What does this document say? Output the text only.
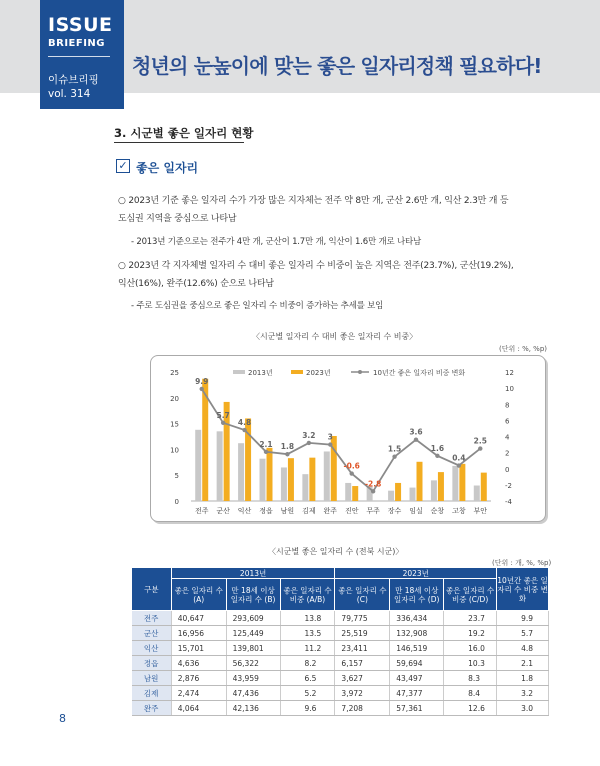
ISSUE
BRIEFING
이슈브리핑
vol. 314
청년의 눈높이에 맞는 좋은 일자리정책 필요하다!
3. 시군별 좋은 일자리 현황
✓ 좋은 일자리
○ 2023년 기준 좋은 일자리 수가 가장 많은 지자체는 전주 약 8만 개, 군산 2.6만 개, 익산 2.3만 개 등
도심권 지역을 중심으로 나타남
- 2013년 기준으로는 전주가 4만 개, 군산이 1.7만 개, 익산이 1.6만 개로 나타남
○ 2023년 각 지자체별 일자리 수 대비 좋은 일자리 수 비중이 높은 지역은 전주(23.7%), 군산(19.2%),
익산(16%), 완주(12.6%) 순으로 나타남
- 주로 도심권을 중심으로 좋은 일자리 수 비중이 증가하는 추세를 보임
〈시군별 일자리 수 대비 좋은 일자리 수 비중〉
(단위 : %, %p)
0
5
10
15
20
25
-4
-2
0
2
4
6
8
10
12
전주 군산 익산 정읍 남원 김제 완주 진안 무주 장수 임실 순창 고창 부안
9.9
5.7
4.8
2.1 1.8
3.2 3
-0.6
-2.8
1.5
3.6
1.6
0.4
2.5
2013년	2023년	10년간 좋은 일자리 비중 변화
〈시군별 좋은 일자리 수 (전북 시군)〉
(단위 : 개, %, %p)
구분	2013년			2023년			10년간 좋은 일자리 수 비중 변화
	좋은 일자리 수 (A)	만 18세 이상 일자리 수 (B)	좋은 일자리 수 비중 (A/B)	좋은 일자리 수 (C)	만 18세 이상 일자리 수 (D)	좋은 일자리 수 비중 (C/D)	
전주	40,647	293,609	13.8	79,775	336,434	23.7	9.9
군산	16,956	125,449	13.5	25,519	132,908	19.2	5.7
익산	15,701	139,801	11.2	23,411	146,519	16.0	4.8
정읍	4,636	56,322	8.2	6,157	59,694	10.3	2.1
남원	2,876	43,959	6.5	3,627	43,497	8.3	1.8
김제	2,474	47,436	5.2	3,972	47,377	8.4	3.2
완주	4,064	42,136	9.6	7,208	57,361	12.6	3.0
8
